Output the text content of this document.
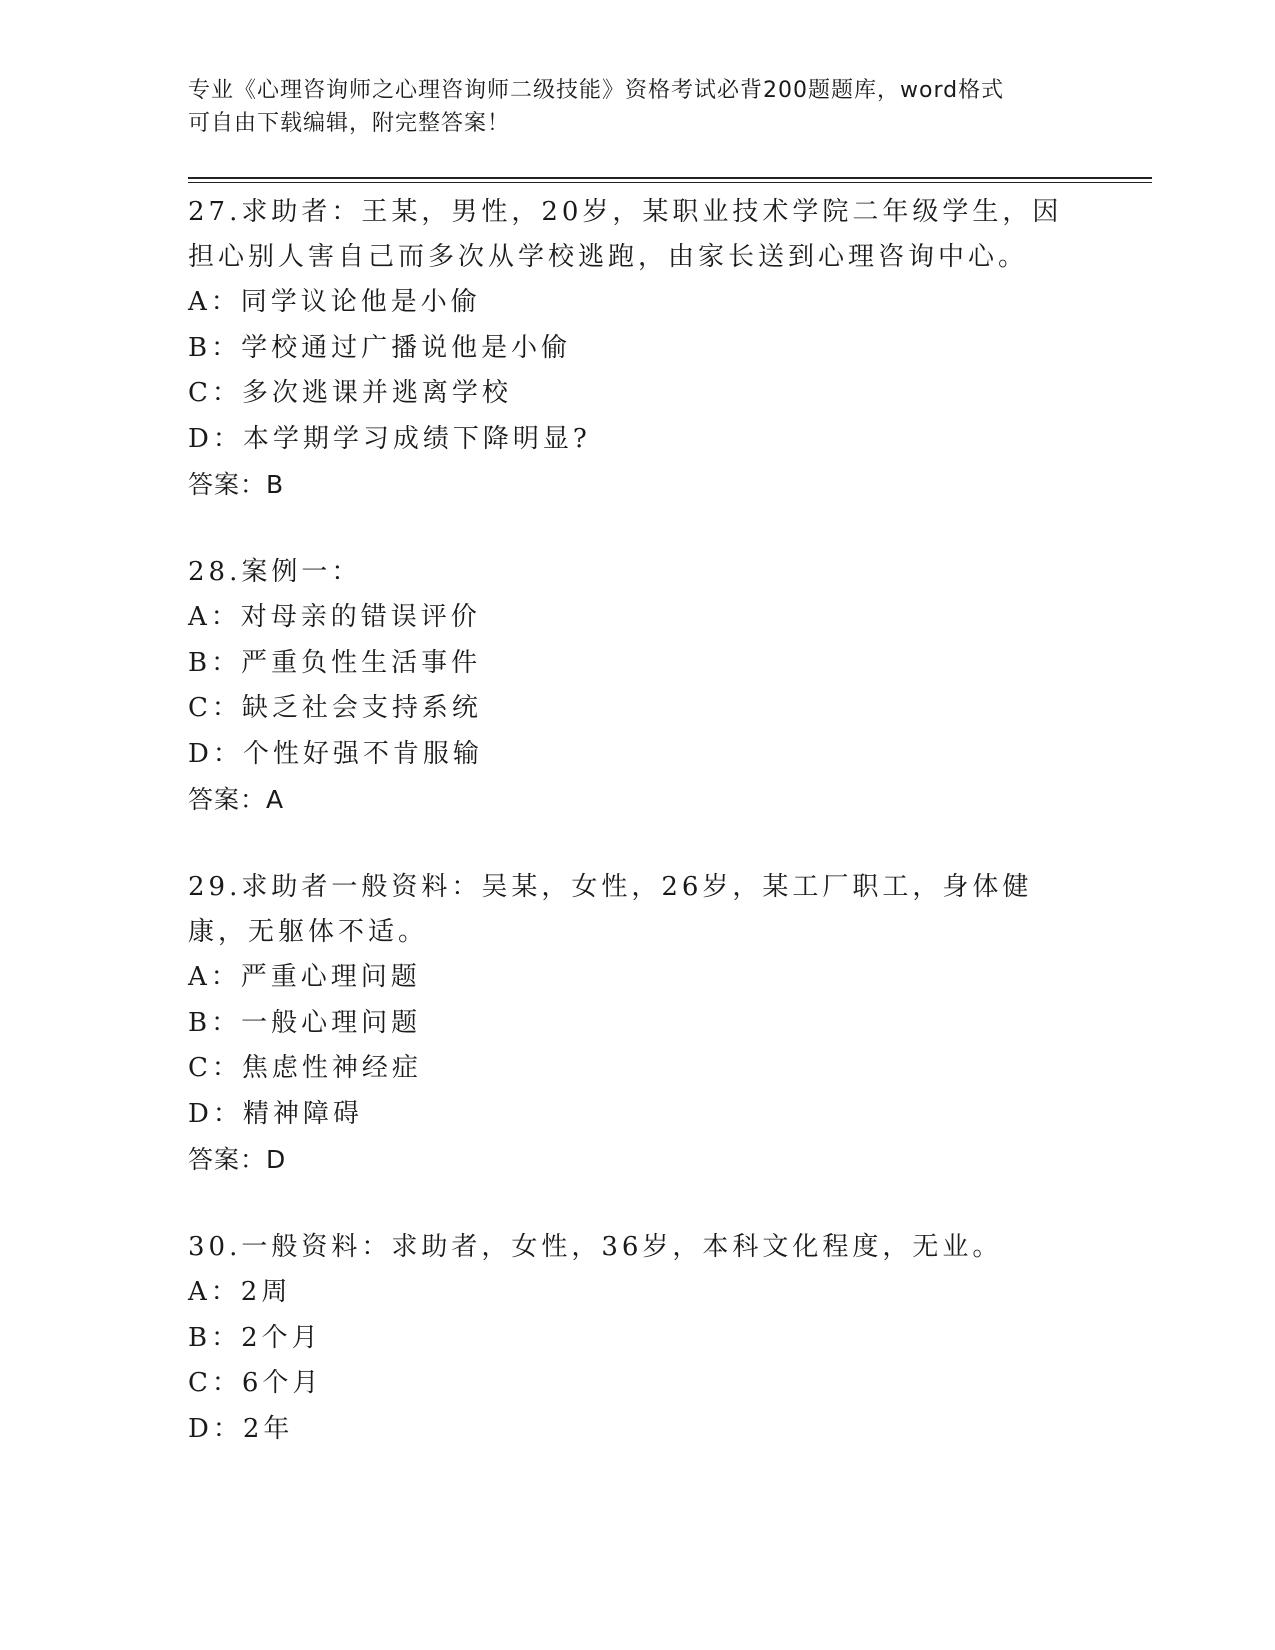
专业《心理咨询师之心理咨询师二级技能》资格考试必背200题题库，word格式
可自由下载编辑，附完整答案！

27.求助者：王某，男性，20岁，某职业技术学院二年级学生，因担心别人害自己而多次从学校逃跑，由家长送到心理咨询中心。

A：同学议论他是小偷

B：学校通过广播说他是小偷

C：多次逃课并逃离学校

D：本学期学习成绩下降明显?

答案：B

28.案例一：

A：对母亲的错误评价

B：严重负性生活事件

C：缺乏社会支持系统

D：个性好强不肯服输

答案：A

29.求助者一般资料：吴某，女性，26岁，某工厂职工，身体健康，无躯体不适。

A：严重心理问题

B：一般心理问题

C：焦虑性神经症

D：精神障碍

答案：D

30.一般资料：求助者，女性，36岁，本科文化程度，无业。

A：2周

B：2个月

C：6个月

D：2年
